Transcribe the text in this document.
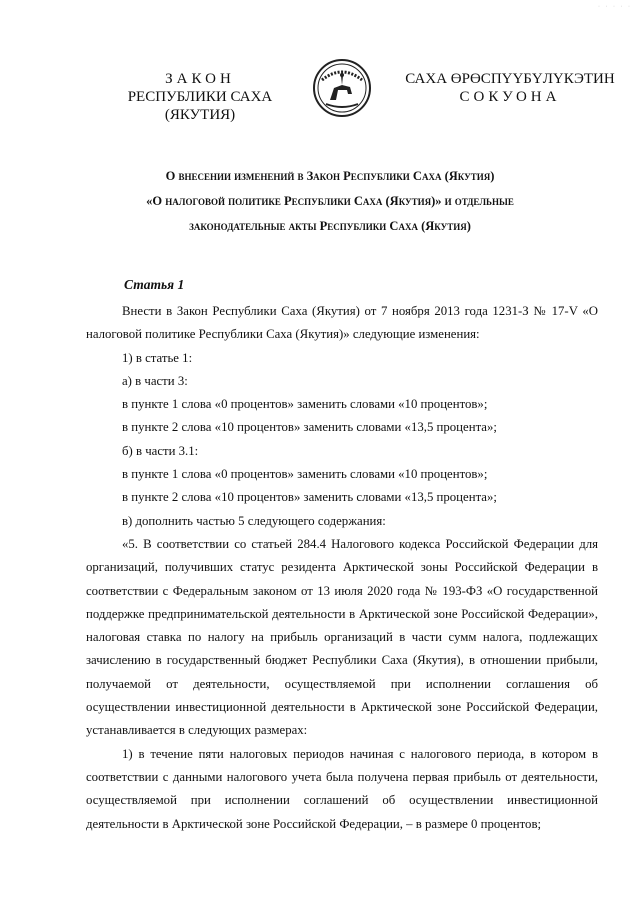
· · · · ·
ЗАКОН
РЕСПУБЛИКИ САХА (ЯКУТИЯ)
САХА ӨРӨСПҮҮБҮЛҮКЭТИН
СОКУОНА
О внесении изменений в Закон Республики Саха (Якутия)
«О налоговой политике Республики Саха (Якутия)» и отдельные
законодательные акты Республики Саха (Якутия)
Статья 1

Внести в Закон Республики Саха (Якутия) от 7 ноября 2013 года 1231-З № 17-V «О налоговой политике Республики Саха (Якутия)» следующие изменения:

1) в статье 1:

а) в части 3:

в пункте 1 слова «0 процентов» заменить словами «10 процентов»;

в пункте 2 слова «10 процентов» заменить словами «13,5 процента»;

б) в части 3.1:

в пункте 1 слова «0 процентов» заменить словами «10 процентов»;

в пункте 2 слова «10 процентов» заменить словами «13,5 процента»;

в) дополнить частью 5 следующего содержания:

«5. В соответствии со статьей 284.4 Налогового кодекса Российской Федерации для организаций, получивших статус резидента Арктической зоны Российской Федерации в соответствии с Федеральным законом от 13 июля 2020 года № 193-ФЗ «О государственной поддержке предпринимательской деятельности в Арктической зоне Российской Федерации», налоговая ставка по налогу на прибыль организаций в части сумм налога, подлежащих зачислению в государственный бюджет Республики Саха (Якутия), в отношении прибыли, получаемой от деятельности, осуществляемой при исполнении соглашения об осуществлении инвестиционной деятельности в Арктической зоне Российской Федерации, устанавливается в следующих размерах:

1) в течение пяти налоговых периодов начиная с налогового периода, в котором в соответствии с данными налогового учета была получена первая прибыль от деятельности, осуществляемой при исполнении соглашений об осуществлении инвестиционной деятельности в Арктической зоне Российской Федерации, – в размере 0 процентов;
